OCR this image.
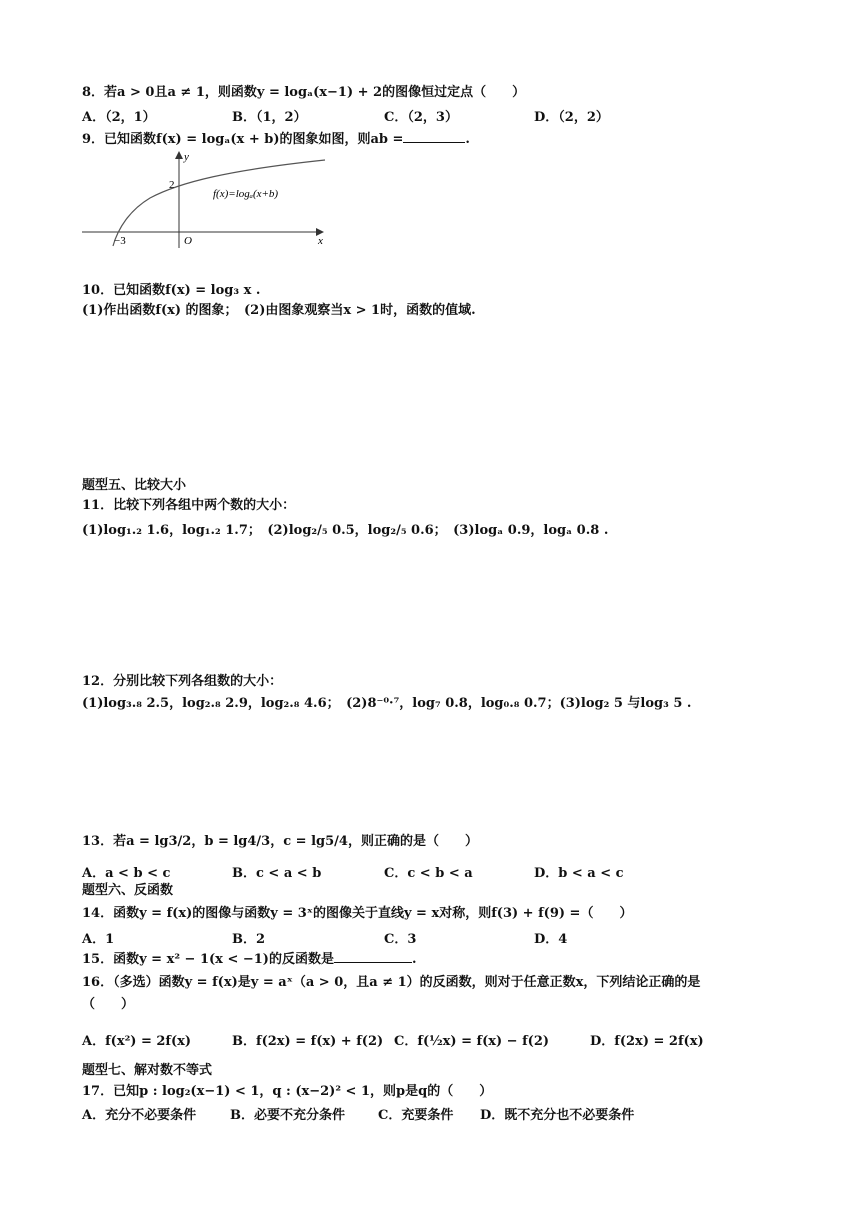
8．若a > 0且a ≠ 1，则函数y = logₐ(x−1) + 2的图像恒过定点（　　）
A．（2，1）	B．（1，2）	C．（2，3）	D．（2，2）
9．已知函数f(x) = logₐ(x + b)的图象如图，则ab =	.
y
x
2
−3	O
f(x)=logₐ(x+b)
10．已知函数f(x) = log₃ x .
(1)作出函数f(x) 的图象；　(2)由图象观察当x > 1时，函数的值域.
题型五、比较大小
11．比较下列各组中两个数的大小：
(1)log₁.₂ 1.6，log₁.₂ 1.7；　(2)log₂/₅ 0.5，log₂/₅ 0.6；　(3)logₐ 0.9，logₐ 0.8 .
12．分别比较下列各组数的大小：
(1)log₃.₈ 2.5，log₂.₈ 2.9，log₂.₈ 4.6；　(2)8⁻⁰·⁷，log₇ 0.8，log₀.₈ 0.7；(3)log₂ 5 与log₃ 5 .
13．若a = lg3/2，b = lg4/3，c = lg5/4，则正确的是（　　）
A．a < b < c	B．c < a < b	C．c < b < a	D．b < a < c
题型六、反函数
14．函数y = f(x)的图像与函数y = 3ˣ的图像关于直线y = x对称，则f(3) + f(9) =（　　）
A．1	B．2	C．3	D．4
15．函数y = x² − 1(x < −1)的反函数是	.
16．（多选）函数y = f(x)是y = aˣ（a > 0，且a ≠ 1）的反函数，则对于任意正数x，下列结论正确的是
（　　）
A．f(x²) = 2f(x)	B．f(2x) = f(x) + f(2) C．f(½x) = f(x) − f(2)	D．f(2x) = 2f(x)
题型七、解对数不等式
17．已知p : log₂(x−1) < 1，q : (x−2)² < 1，则p是q的（　　）
A．充分不必要条件	B．必要不充分条件	C．充要条件 D．既不充分也不必要条件
